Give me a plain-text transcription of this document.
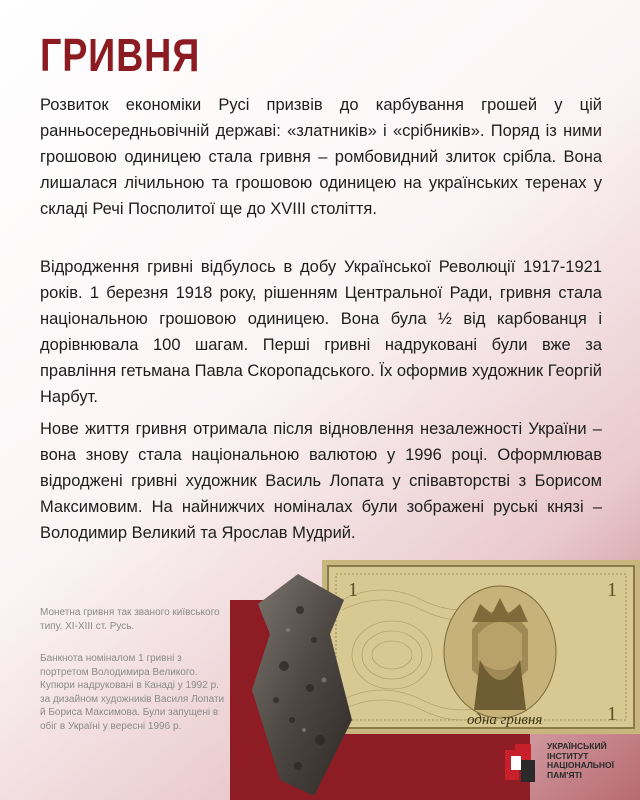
ГРИВНЯ
Розвиток економіки Русі призвів до карбування грошей у цій ранньосередньовічній державі: «златників» і «срібників». Поряд із ними грошовою одиницею стала гривня – ромбовидний злиток срібла. Вона лишалася лічильною та грошовою одиницею на українських теренах у складі Речі Посполитої ще до XVIII століття.
Відродження гривні відбулось в добу Української Революції 1917-1921 років. 1 березня 1918 року, рішенням Центральної Ради, гривня стала національною грошовою одиницею. Вона була ½ від карбованця і дорівнювала 100 шагам. Перші гривні надруковані були вже за правління гетьмана Павла Скоропадського. Їх оформив художник Георгій Нарбут.
Нове життя гривня отримала після відновлення незалежності України – вона знову стала національною валютою у 1996 році. Оформлював відроджені гривні художник Василь Лопата у співавторстві з Борисом Максимовим. На найнижчих номіналах були зображені руські князі – Володимир Великий та Ярослав Мудрий.
Монетна гривня так званого київського типу. ХІ-ХІІІ ст. Русь.
Банкнота номіналом 1 гривні з портретом Володимира Великого. Купюри надруковані в Канаді у 1992 р. за дизайном художників Василя Лопати й Бориса Максимова. Були запущені в обіг в Україні у вересні 1996 р.
1	1
1
одна гривня
УКРАЇНСЬКИЙ
ІНСТИТУТ
НАЦІОНАЛЬНОЇ
ПАМ'ЯТІ
